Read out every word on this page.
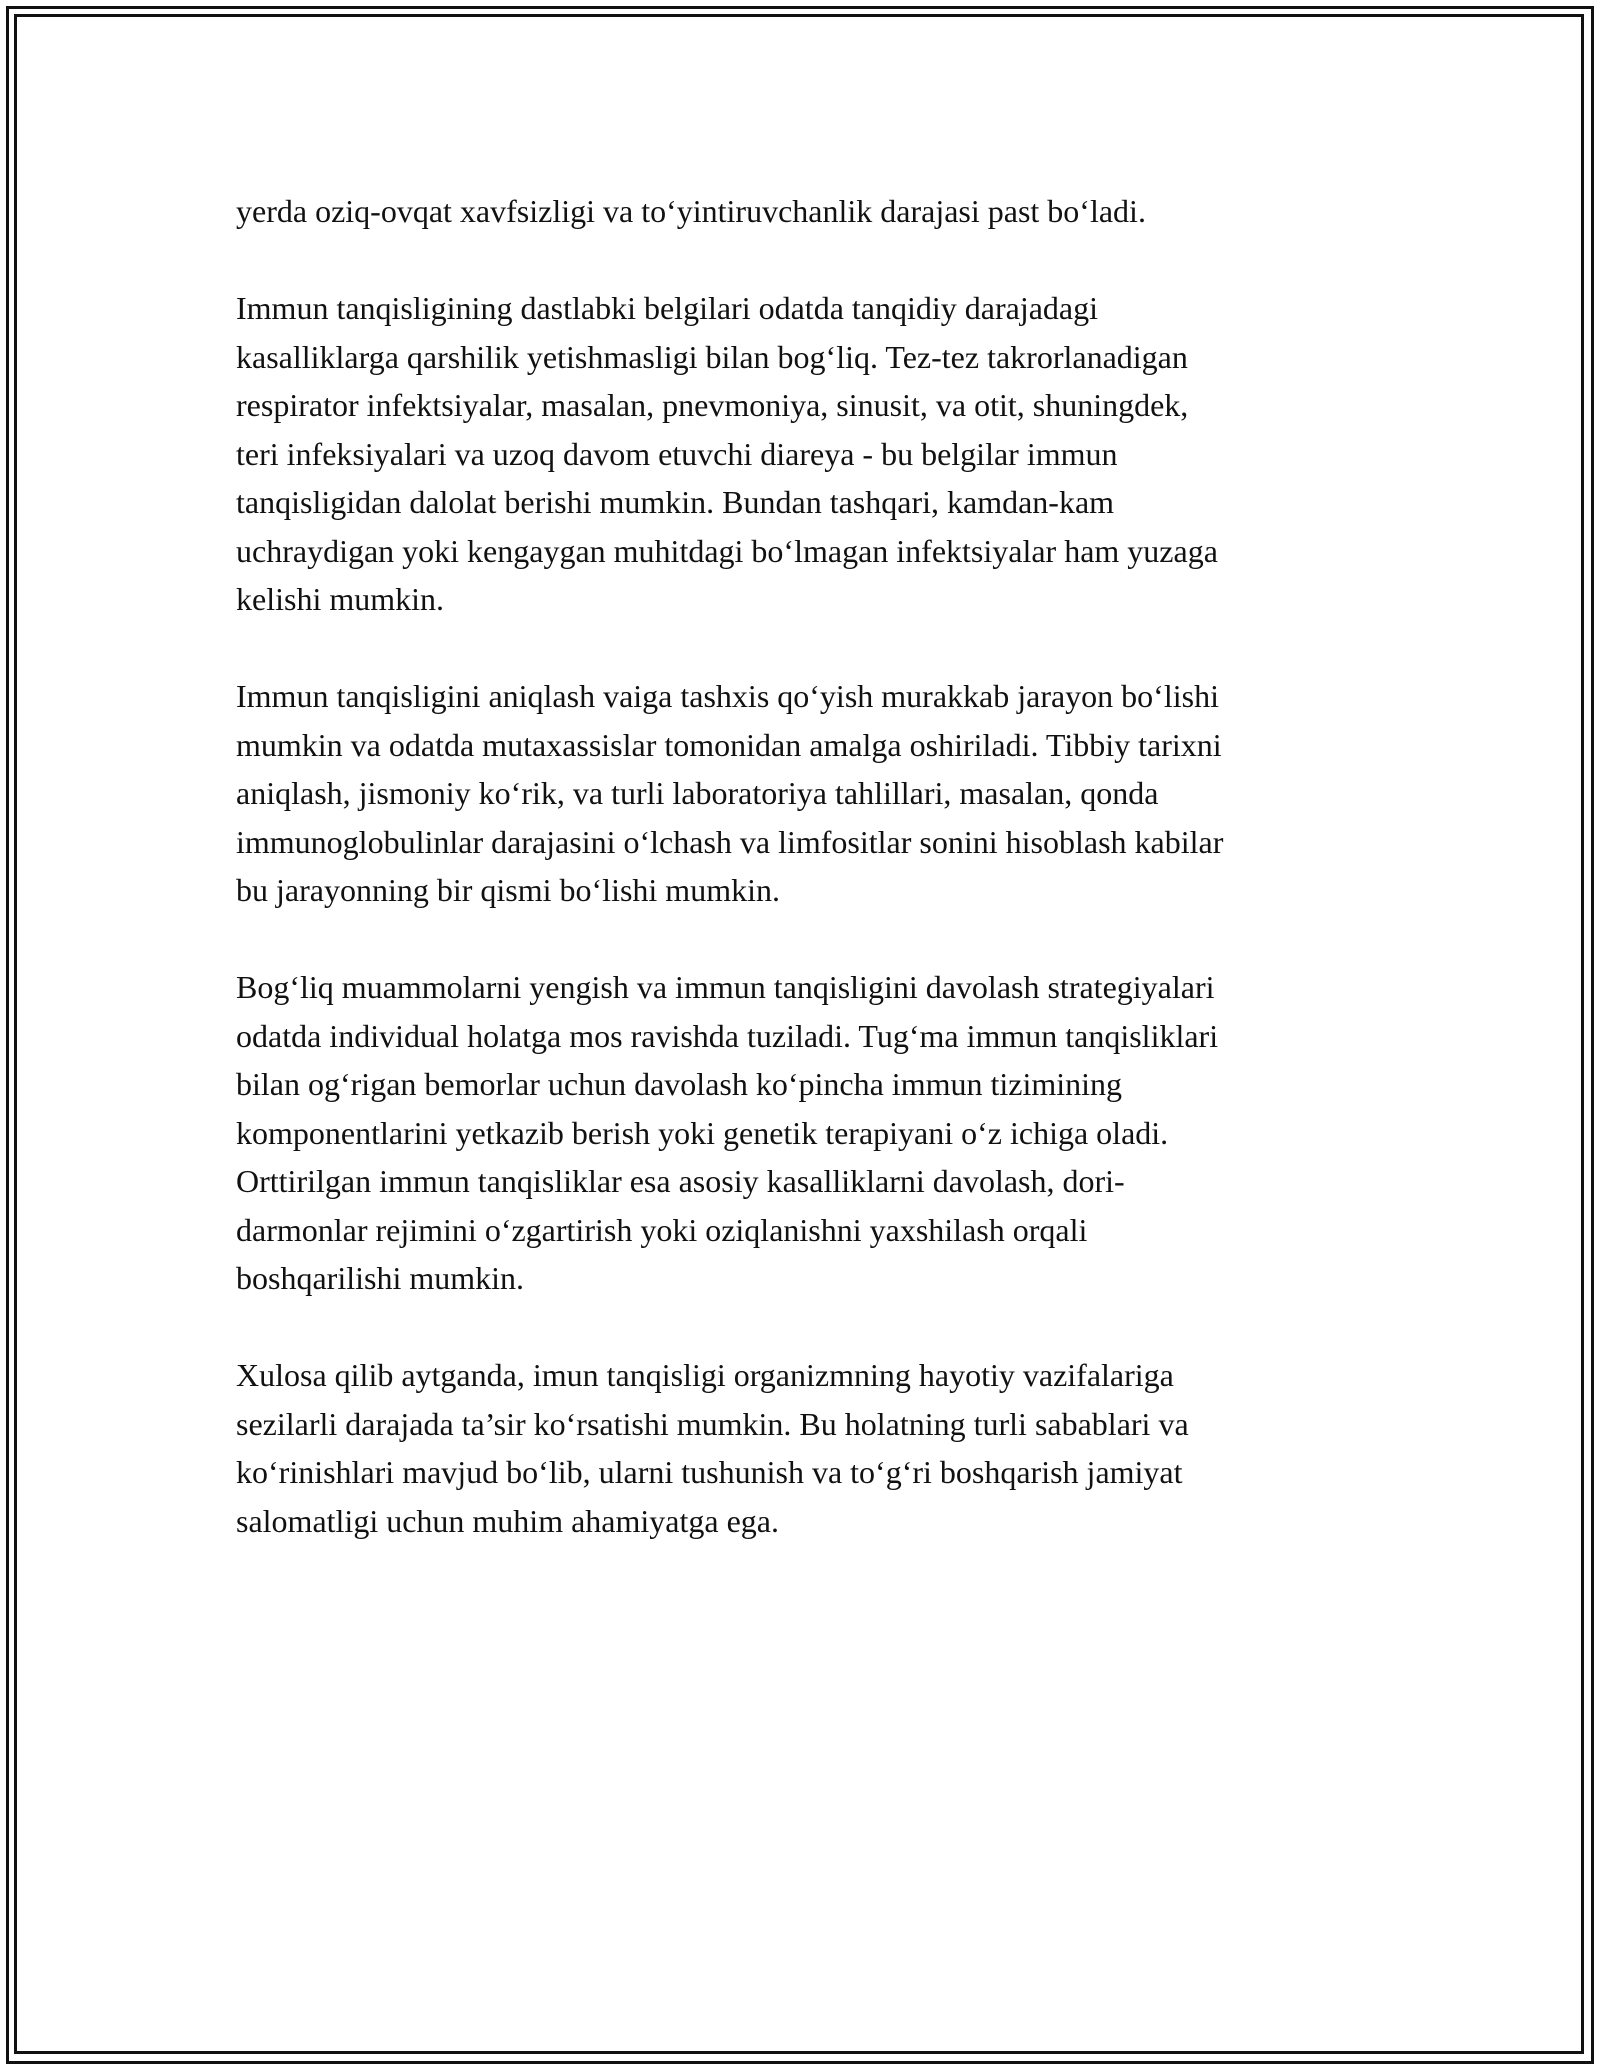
yerda oziq-ovqat xavfsizligi va to‘yintiruvchanlik darajasi past bo‘ladi.

Immun tanqisligining dastlabki belgilari odatda tanqidiy darajadagi
kasalliklarga qarshilik yetishmasligi bilan bog‘liq. Tez-tez takrorlanadigan
respirator infektsiyalar, masalan, pnevmoniya, sinusit, va otit, shuningdek,
teri infeksiyalari va uzoq davom etuvchi diareya - bu belgilar immun
tanqisligidan dalolat berishi mumkin. Bundan tashqari, kamdan-kam
uchraydigan yoki kengaygan muhitdagi bo‘lmagan infektsiyalar ham yuzaga
kelishi mumkin.

Immun tanqisligini aniqlash vaiga tashxis qo‘yish murakkab jarayon bo‘lishi
mumkin va odatda mutaxassislar tomonidan amalga oshiriladi. Tibbiy tarixni
aniqlash, jismoniy ko‘rik, va turli laboratoriya tahlillari, masalan, qonda
immunoglobulinlar darajasini o‘lchash va limfositlar sonini hisoblash kabilar
bu jarayonning bir qismi bo‘lishi mumkin.

Bog‘liq muammolarni yengish va immun tanqisligini davolash strategiyalari
odatda individual holatga mos ravishda tuziladi. Tug‘ma immun tanqisliklari
bilan og‘rigan bemorlar uchun davolash ko‘pincha immun tizimining
komponentlarini yetkazib berish yoki genetik terapiyani o‘z ichiga oladi.
Orttirilgan immun tanqisliklar esa asosiy kasalliklarni davolash, dori-
darmonlar rejimini o‘zgartirish yoki oziqlanishni yaxshilash orqali
boshqarilishi mumkin.

Xulosa qilib aytganda, imun tanqisligi organizmning hayotiy vazifalariga
sezilarli darajada ta’sir ko‘rsatishi mumkin. Bu holatning turli sabablari va
ko‘rinishlari mavjud bo‘lib, ularni tushunish va to‘g‘ri boshqarish jamiyat
salomatligi uchun muhim ahamiyatga ega.
